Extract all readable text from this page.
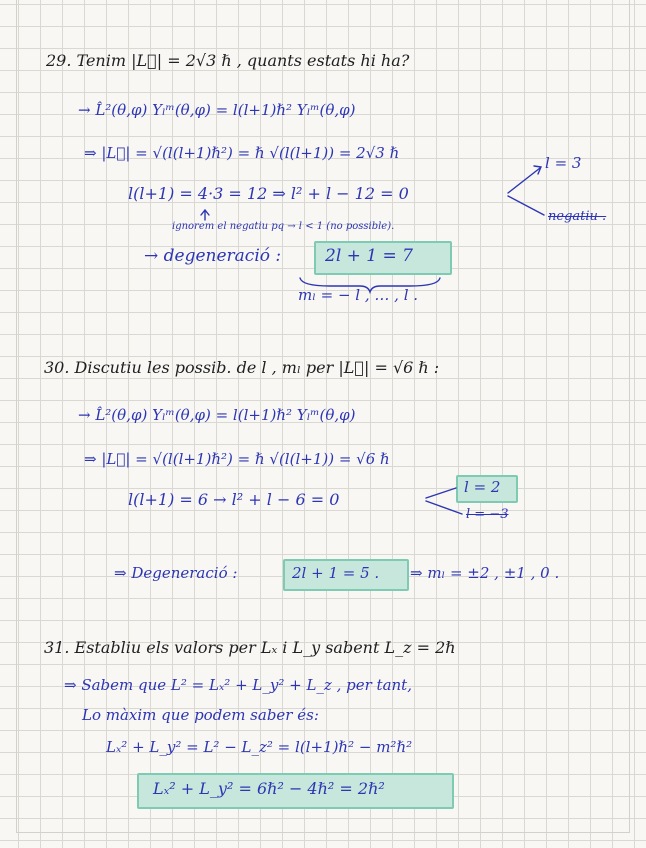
29. Tenim |L⃗| = 2√3 ℏ , quants estats hi ha?
→ L̂²(θ,φ) Yₗᵐ(θ,φ) = l(l+1)ℏ² Yₗᵐ(θ,φ)
⇒ |L⃗| = √(l(l+1)ℏ²) = ℏ √(l(l+1)) = 2√3 ℏ
l(l+1) = 4·3 = 12 ⇒ l² + l − 12 = 0
l = 3
negatiu .
ignorem el negatiu pq → l < 1 (no possible).
→ degeneració :	2l + 1 = 7
mₗ = − l , … , l .
30. Discutiu les possib. de l , mₗ per |L⃗| = √6 ℏ :
→ L̂²(θ,φ) Yₗᵐ(θ,φ) = l(l+1)ℏ² Yₗᵐ(θ,φ)
⇒ |L⃗| = √(l(l+1)ℏ²) = ℏ √(l(l+1)) = √6 ℏ
l(l+1) = 6 → l² + l − 6 = 0
l = 2
l = −3
⇒ Degeneració :	2l + 1 = 5 . ⇒ mₗ = ±2 , ±1 , 0 .
31. Establiu els valors per Lₓ i L_y sabent L_z = 2ℏ
⇒ Sabem que L² = Lₓ² + L_y² + L_z , per tant,
Lo màxim que podem saber és:
Lₓ² + L_y² = L² − L_z² = l(l+1)ℏ² − m²ℏ²
Lₓ² + L_y² = 6ℏ² − 4ℏ² = 2ℏ²
